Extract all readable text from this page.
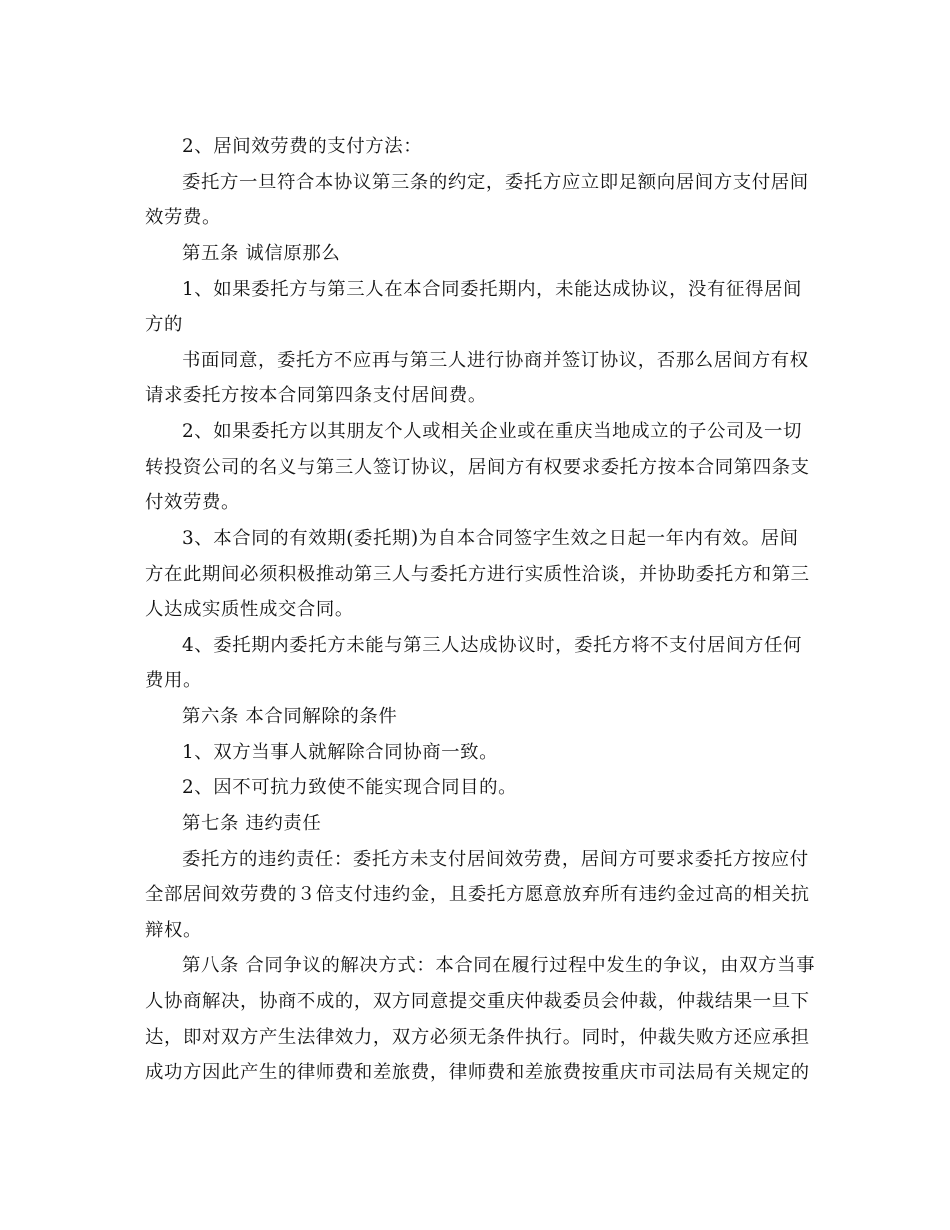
2、居间效劳费的支付方法：

委托方一旦符合本协议第三条的约定，委托方应立即足额向居间方支付居间

效劳费。

第五条 诚信原那么

1、如果委托方与第三人在本合同委托期内，未能达成协议，没有征得居间

方的

书面同意，委托方不应再与第三人进行协商并签订协议，否那么居间方有权

请求委托方按本合同第四条支付居间费。

2、如果委托方以其朋友个人或相关企业或在重庆当地成立的子公司及一切

转投资公司的名义与第三人签订协议，居间方有权要求委托方按本合同第四条支

付效劳费。

3、本合同的有效期(委托期)为自本合同签字生效之日起一年内有效。居间

方在此期间必须积极推动第三人与委托方进行实质性洽谈，并协助委托方和第三

人达成实质性成交合同。

4、委托期内委托方未能与第三人达成协议时，委托方将不支付居间方任何

费用。

第六条 本合同解除的条件

1、双方当事人就解除合同协商一致。

2、因不可抗力致使不能实现合同目的。

第七条 违约责任

委托方的违约责任：委托方未支付居间效劳费，居间方可要求委托方按应付

全部居间效劳费的３倍支付违约金，且委托方愿意放弃所有违约金过高的相关抗

辩权。

第八条 合同争议的解决方式：本合同在履行过程中发生的争议，由双方当事

人协商解决，协商不成的，双方同意提交重庆仲裁委员会仲裁，仲裁结果一旦下

达，即对双方产生法律效力，双方必须无条件执行。同时，仲裁失败方还应承担

成功方因此产生的律师费和差旅费，律师费和差旅费按重庆市司法局有关规定的
